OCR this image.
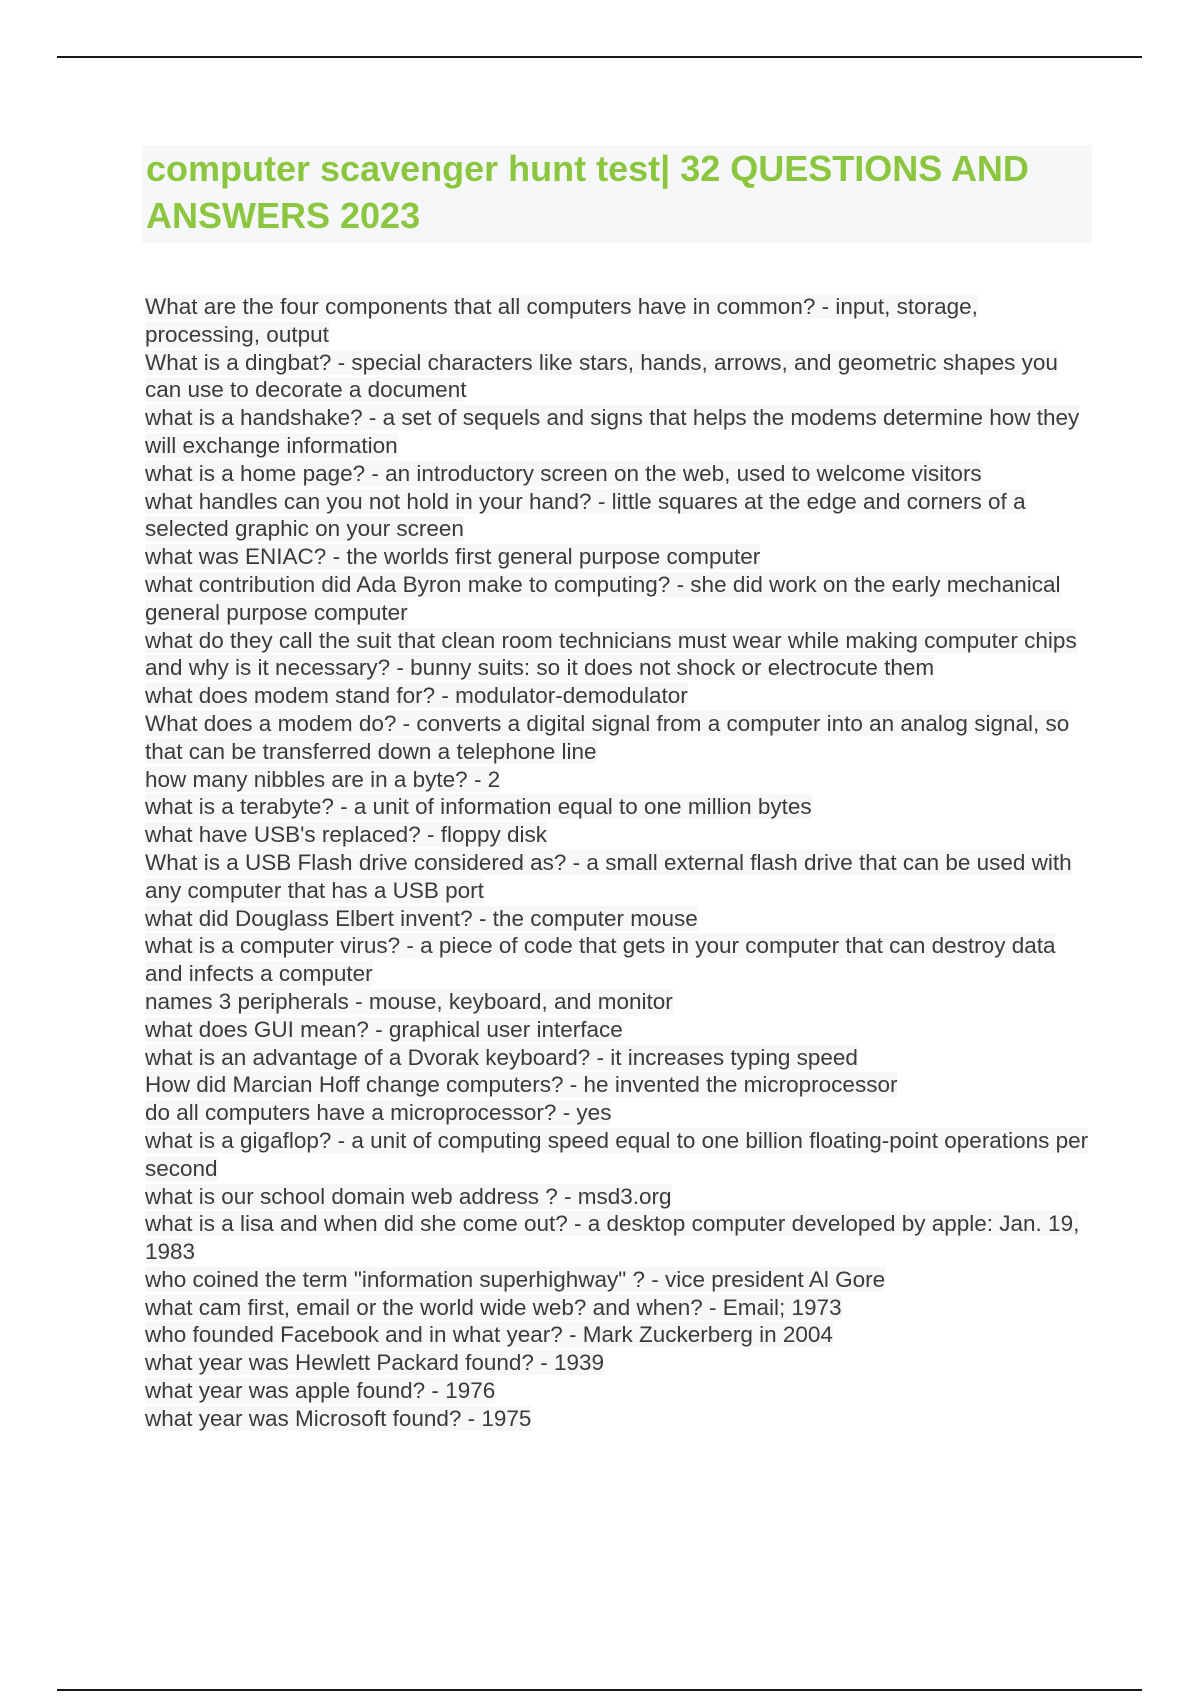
computer scavenger hunt test| 32 QUESTIONS AND ANSWERS 2023
What are the four components that all computers have in common? - input, storage, processing, output
What is a dingbat? - special characters like stars, hands, arrows, and geometric shapes you can use to decorate a document
what is a handshake? - a set of sequels and signs that helps the modems determine how they will exchange information
what is a home page? - an introductory screen on the web, used to welcome visitors
what handles can you not hold in your hand? - little squares at the edge and corners of a selected graphic on your screen
what was ENIAC? - the worlds first general purpose computer
what contribution did Ada Byron make to computing? - she did work on the early mechanical general purpose computer
what do they call the suit that clean room technicians must wear while making computer chips and why is it necessary? - bunny suits: so it does not shock or electrocute them
what does modem stand for? - modulator-demodulator
What does a modem do? - converts a digital signal from a computer into an analog signal, so that can be transferred down a telephone line
how many nibbles are in a byte? - 2
what is a terabyte? - a unit of information equal to one million bytes
what have USB's replaced? - floppy disk
What is a USB Flash drive considered as? - a small external flash drive that can be used with any computer that has a USB port
what did Douglass Elbert invent? - the computer mouse
what is a computer virus? - a piece of code that gets in your computer that can destroy data and infects a computer
names 3 peripherals - mouse, keyboard, and monitor
what does GUI mean? - graphical user interface
what is an advantage of a Dvorak keyboard? - it increases typing speed
How did Marcian Hoff change computers? - he invented the microprocessor
do all computers have a microprocessor? - yes
what is a gigaflop? - a unit of computing speed equal to one billion floating-point operations per second
what is our school domain web address ? - msd3.org
what is a lisa and when did she come out? - a desktop computer developed by apple: Jan. 19, 1983
who coined the term "information superhighway" ? - vice president Al Gore
what cam first, email or the world wide web? and when? - Email; 1973
who founded Facebook and in what year? - Mark Zuckerberg in 2004
what year was Hewlett Packard found? - 1939
what year was apple found? - 1976
what year was Microsoft found? - 1975
